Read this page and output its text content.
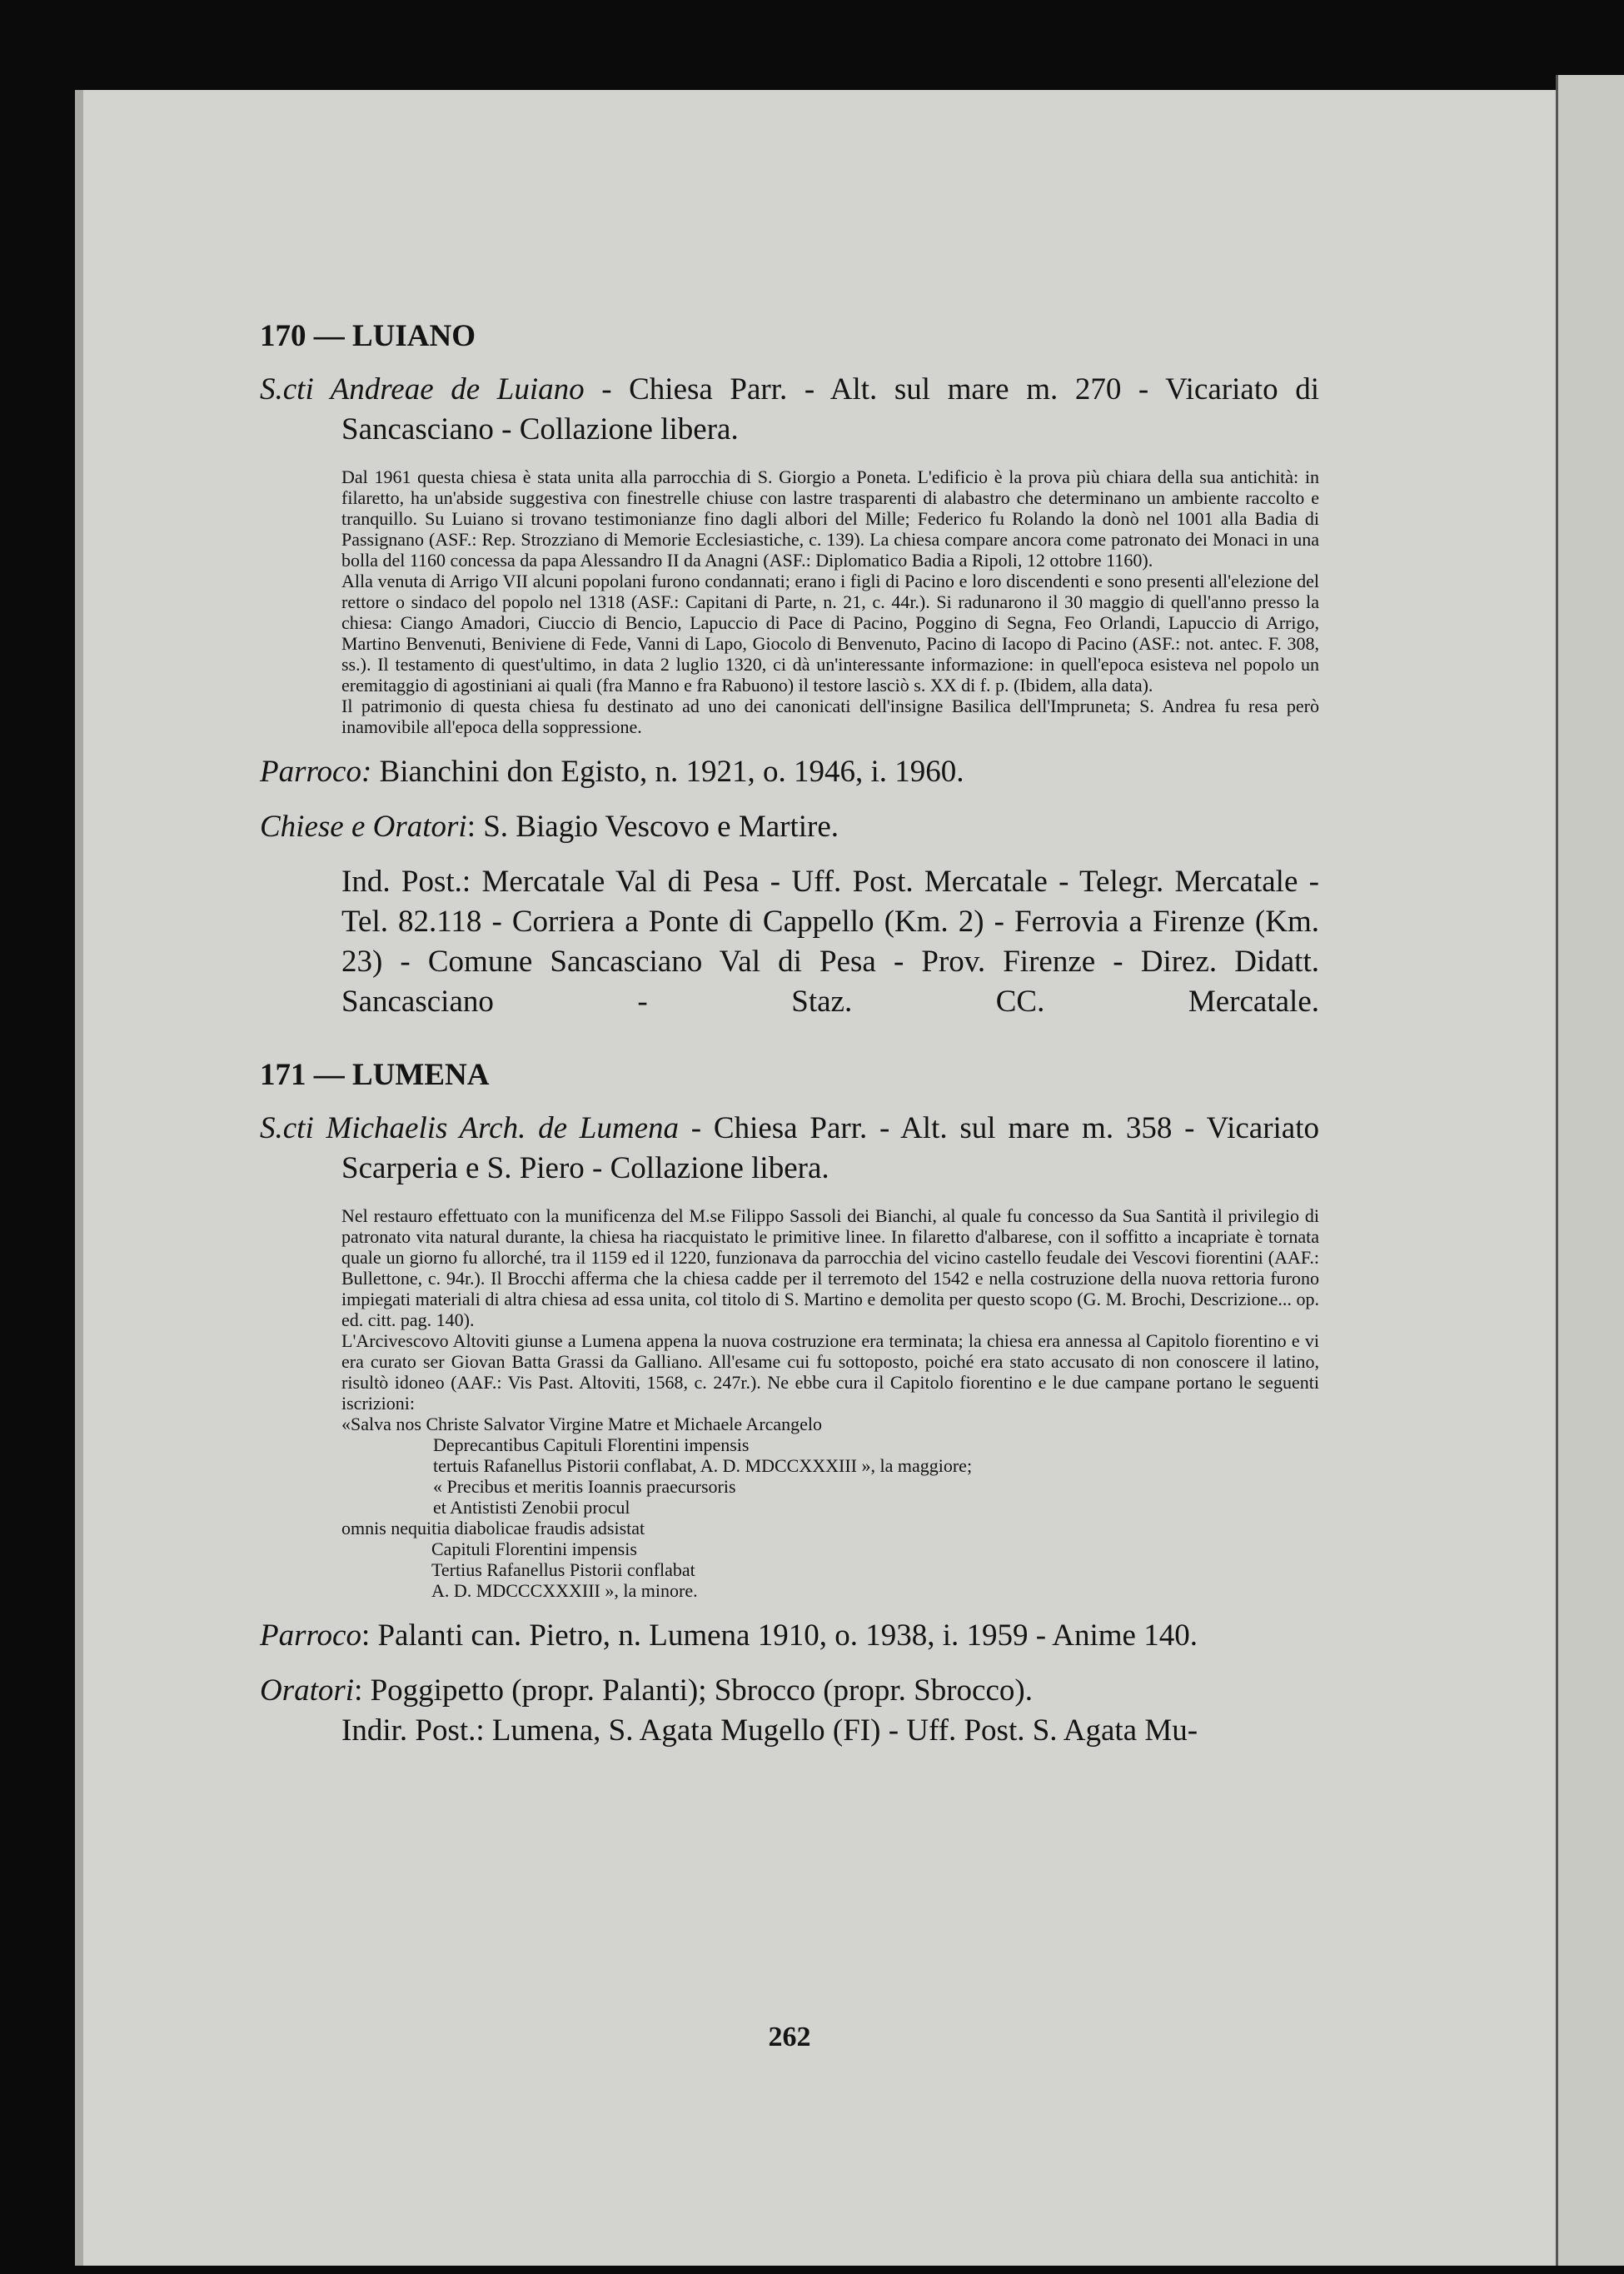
170 — LUIANO
S.cti Andreae de Luiano - Chiesa Parr. - Alt. sul mare m. 270 - Vicariato di Sancasciano - Collazione libera.

Dal 1961 questa chiesa è stata unita alla parrocchia di S. Giorgio a Poneta. L'edificio è la prova più chiara della sua antichità: in filaretto, ha un'abside suggestiva con finestrelle chiuse con lastre trasparenti di alabastro che determinano un ambiente raccolto e tranquillo. Su Luiano si trovano testimonianze fino dagli albori del Mille; Federico fu Rolando la donò nel 1001 alla Badia di Passignano (ASF.: Rep. Strozziano di Memorie Ecclesiastiche, c. 139). La chiesa compare ancora come patronato dei Monaci in una bolla del 1160 concessa da papa Alessandro II da Anagni (ASF.: Diplomatico Badia a Ripoli, 12 ottobre 1160).

Alla venuta di Arrigo VII alcuni popolani furono condannati; erano i figli di Pacino e loro discendenti e sono presenti all'elezione del rettore o sindaco del popolo nel 1318 (ASF.: Capitani di Parte, n. 21, c. 44r.). Si radunarono il 30 maggio di quell'anno presso la chiesa: Ciango Amadori, Ciuccio di Bencio, Lapuccio di Pace di Pacino, Poggino di Segna, Feo Orlandi, Lapuccio di Arrigo, Martino Benvenuti, Beniviene di Fede, Vanni di Lapo, Giocolo di Benvenuto, Pacino di Iacopo di Pacino (ASF.: not. antec. F. 308, ss.). Il testamento di quest'ultimo, in data 2 luglio 1320, ci dà un'interessante informazione: in quell'epoca esisteva nel popolo un eremitaggio di agostiniani ai quali (fra Manno e fra Rabuono) il testore lasciò s. XX di f. p. (Ibidem, alla data).

Il patrimonio di questa chiesa fu destinato ad uno dei canonicati dell'insigne Basilica dell'Impruneta; S. Andrea fu resa però inamovibile all'epoca della soppressione.

Parroco: Bianchini don Egisto, n. 1921, o. 1946, i. 1960.
Chiese e Oratori: S. Biagio Vescovo e Martire.
Ind. Post.: Mercatale Val di Pesa - Uff. Post. Mercatale - Telegr. Mercatale - Tel. 82.118 - Corriera a Ponte di Cappello (Km. 2) - Ferrovia a Firenze (Km. 23) - Comune Sancasciano Val di Pesa - Prov. Firenze - Direz. Didatt. Sancasciano - Staz. CC. Mercatale.
171 — LUMENA
S.cti Michaelis Arch. de Lumena - Chiesa Parr. - Alt. sul mare m. 358 - Vicariato Scarperia e S. Piero - Collazione libera.

Nel restauro effettuato con la munificenza del M.se Filippo Sassoli dei Bianchi, al quale fu concesso da Sua Santità il privilegio di patronato vita natural durante, la chiesa ha riacquistato le primitive linee. In filaretto d'albarese, con il soffitto a incapriate è tornata quale un giorno fu allorché, tra il 1159 ed il 1220, funzionava da parrocchia del vicino castello feudale dei Vescovi fiorentini (AAF.: Bullettone, c. 94r.). Il Brocchi afferma che la chiesa cadde per il terremoto del 1542 e nella costruzione della nuova rettoria furono impiegati materiali di altra chiesa ad essa unita, col titolo di S. Martino e demolita per questo scopo (G. M. Brochi, Descrizione... op. ed. citt. pag. 140).

L'Arcivescovo Altoviti giunse a Lumena appena la nuova costruzione era terminata; la chiesa era annessa al Capitolo fiorentino e vi era curato ser Giovan Batta Grassi da Galliano. All'esame cui fu sottoposto, poiché era stato accusato di non conoscere il latino, risultò idoneo (AAF.: Vis Past. Altoviti, 1568, c. 247r.). Ne ebbe cura il Capitolo fiorentino e le due campane portano le seguenti iscrizioni:

«Salva nos Christe Salvator Virgine Matre et Michaele Arcangelo
Deprecantibus Capituli Florentini impensis
tertuis Rafanellus Pistorii conflabat, A. D. MDCCXXXIII », la maggiore;
« Precibus et meritis Ioannis praecursoris
et Antististi Zenobii procul
omnis nequitia diabolicae fraudis adsistat
Capituli Florentini impensis
Tertius Rafanellus Pistorii conflabat
A. D. MDCCCXXXIII », la minore.
Parroco: Palanti can. Pietro, n. Lumena 1910, o. 1938, i. 1959 - Anime 140.
Oratori: Poggipetto (propr. Palanti); Sbrocco (propr. Sbrocco).
Indir. Post.: Lumena, S. Agata Mugello (FI) - Uff. Post. S. Agata Mu-
262
